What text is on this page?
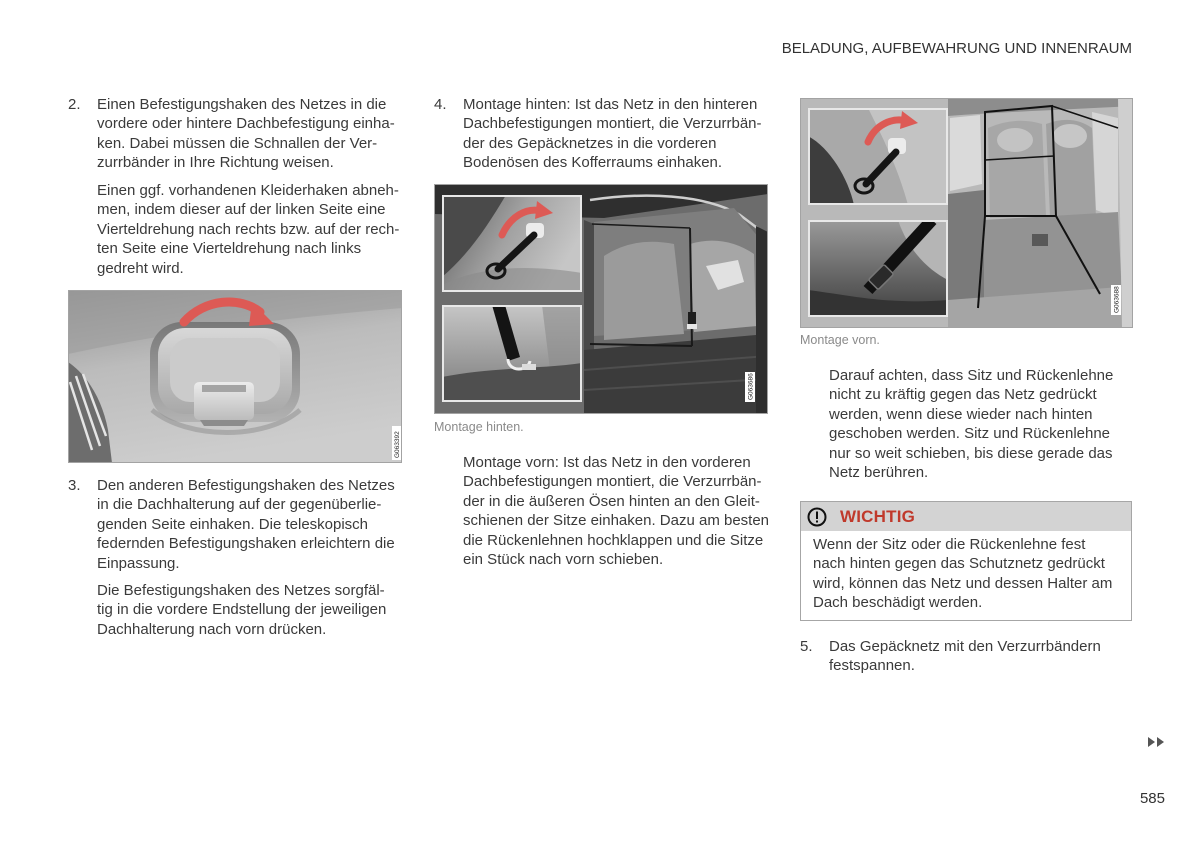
BELADUNG, AUFBEWAHRUNG UND INNENRAUM
2. Einen Befestigungshaken des Netzes in die
vordere oder hintere Dachbefestigung einha-
ken. Dabei müssen die Schnallen der Ver-
zurrbänder in Ihre Richtung weisen.
Einen ggf. vorhandenen Kleiderhaken abneh-
men, indem dieser auf der linken Seite eine
Vierteldrehung nach rechts bzw. auf der rech-
ten Seite eine Vierteldrehung nach links
gedreht wird.
G063392
3. Den anderen Befestigungshaken des Netzes
in die Dachhalterung auf der gegenüberlie-
genden Seite einhaken. Die teleskopisch
federnden Befestigungshaken erleichtern die
Einpassung.
Die Befestigungshaken des Netzes sorgfäl-
tig in die vordere Endstellung der jeweiligen
Dachhalterung nach vorn drücken.
4. Montage hinten: Ist das Netz in den hinteren
Dachbefestigungen montiert, die Verzurrbän-
der des Gepäcknetzes in die vorderen
Bodenösen des Kofferraums einhaken.
G063686
Montage hinten.
Montage vorn: Ist das Netz in den vorderen
Dachbefestigungen montiert, die Verzurrbän-
der in die äußeren Ösen hinten an den Gleit-
schienen der Sitze einhaken. Dazu am besten
die Rückenlehnen hochklappen und die Sitze
ein Stück nach vorn schieben.
G063688
Montage vorn.
Darauf achten, dass Sitz und Rückenlehne
nicht zu kräftig gegen das Netz gedrückt
werden, wenn diese wieder nach hinten
geschoben werden. Sitz und Rückenlehne
nur so weit schieben, bis diese gerade das
Netz berühren.
WICHTIG
Wenn der Sitz oder die Rückenlehne fest
nach hinten gegen das Schutznetz gedrückt
wird, können das Netz und dessen Halter am
Dach beschädigt werden.
5. Das Gepäcknetz mit den Verzurrbändern
festspannen.
585
